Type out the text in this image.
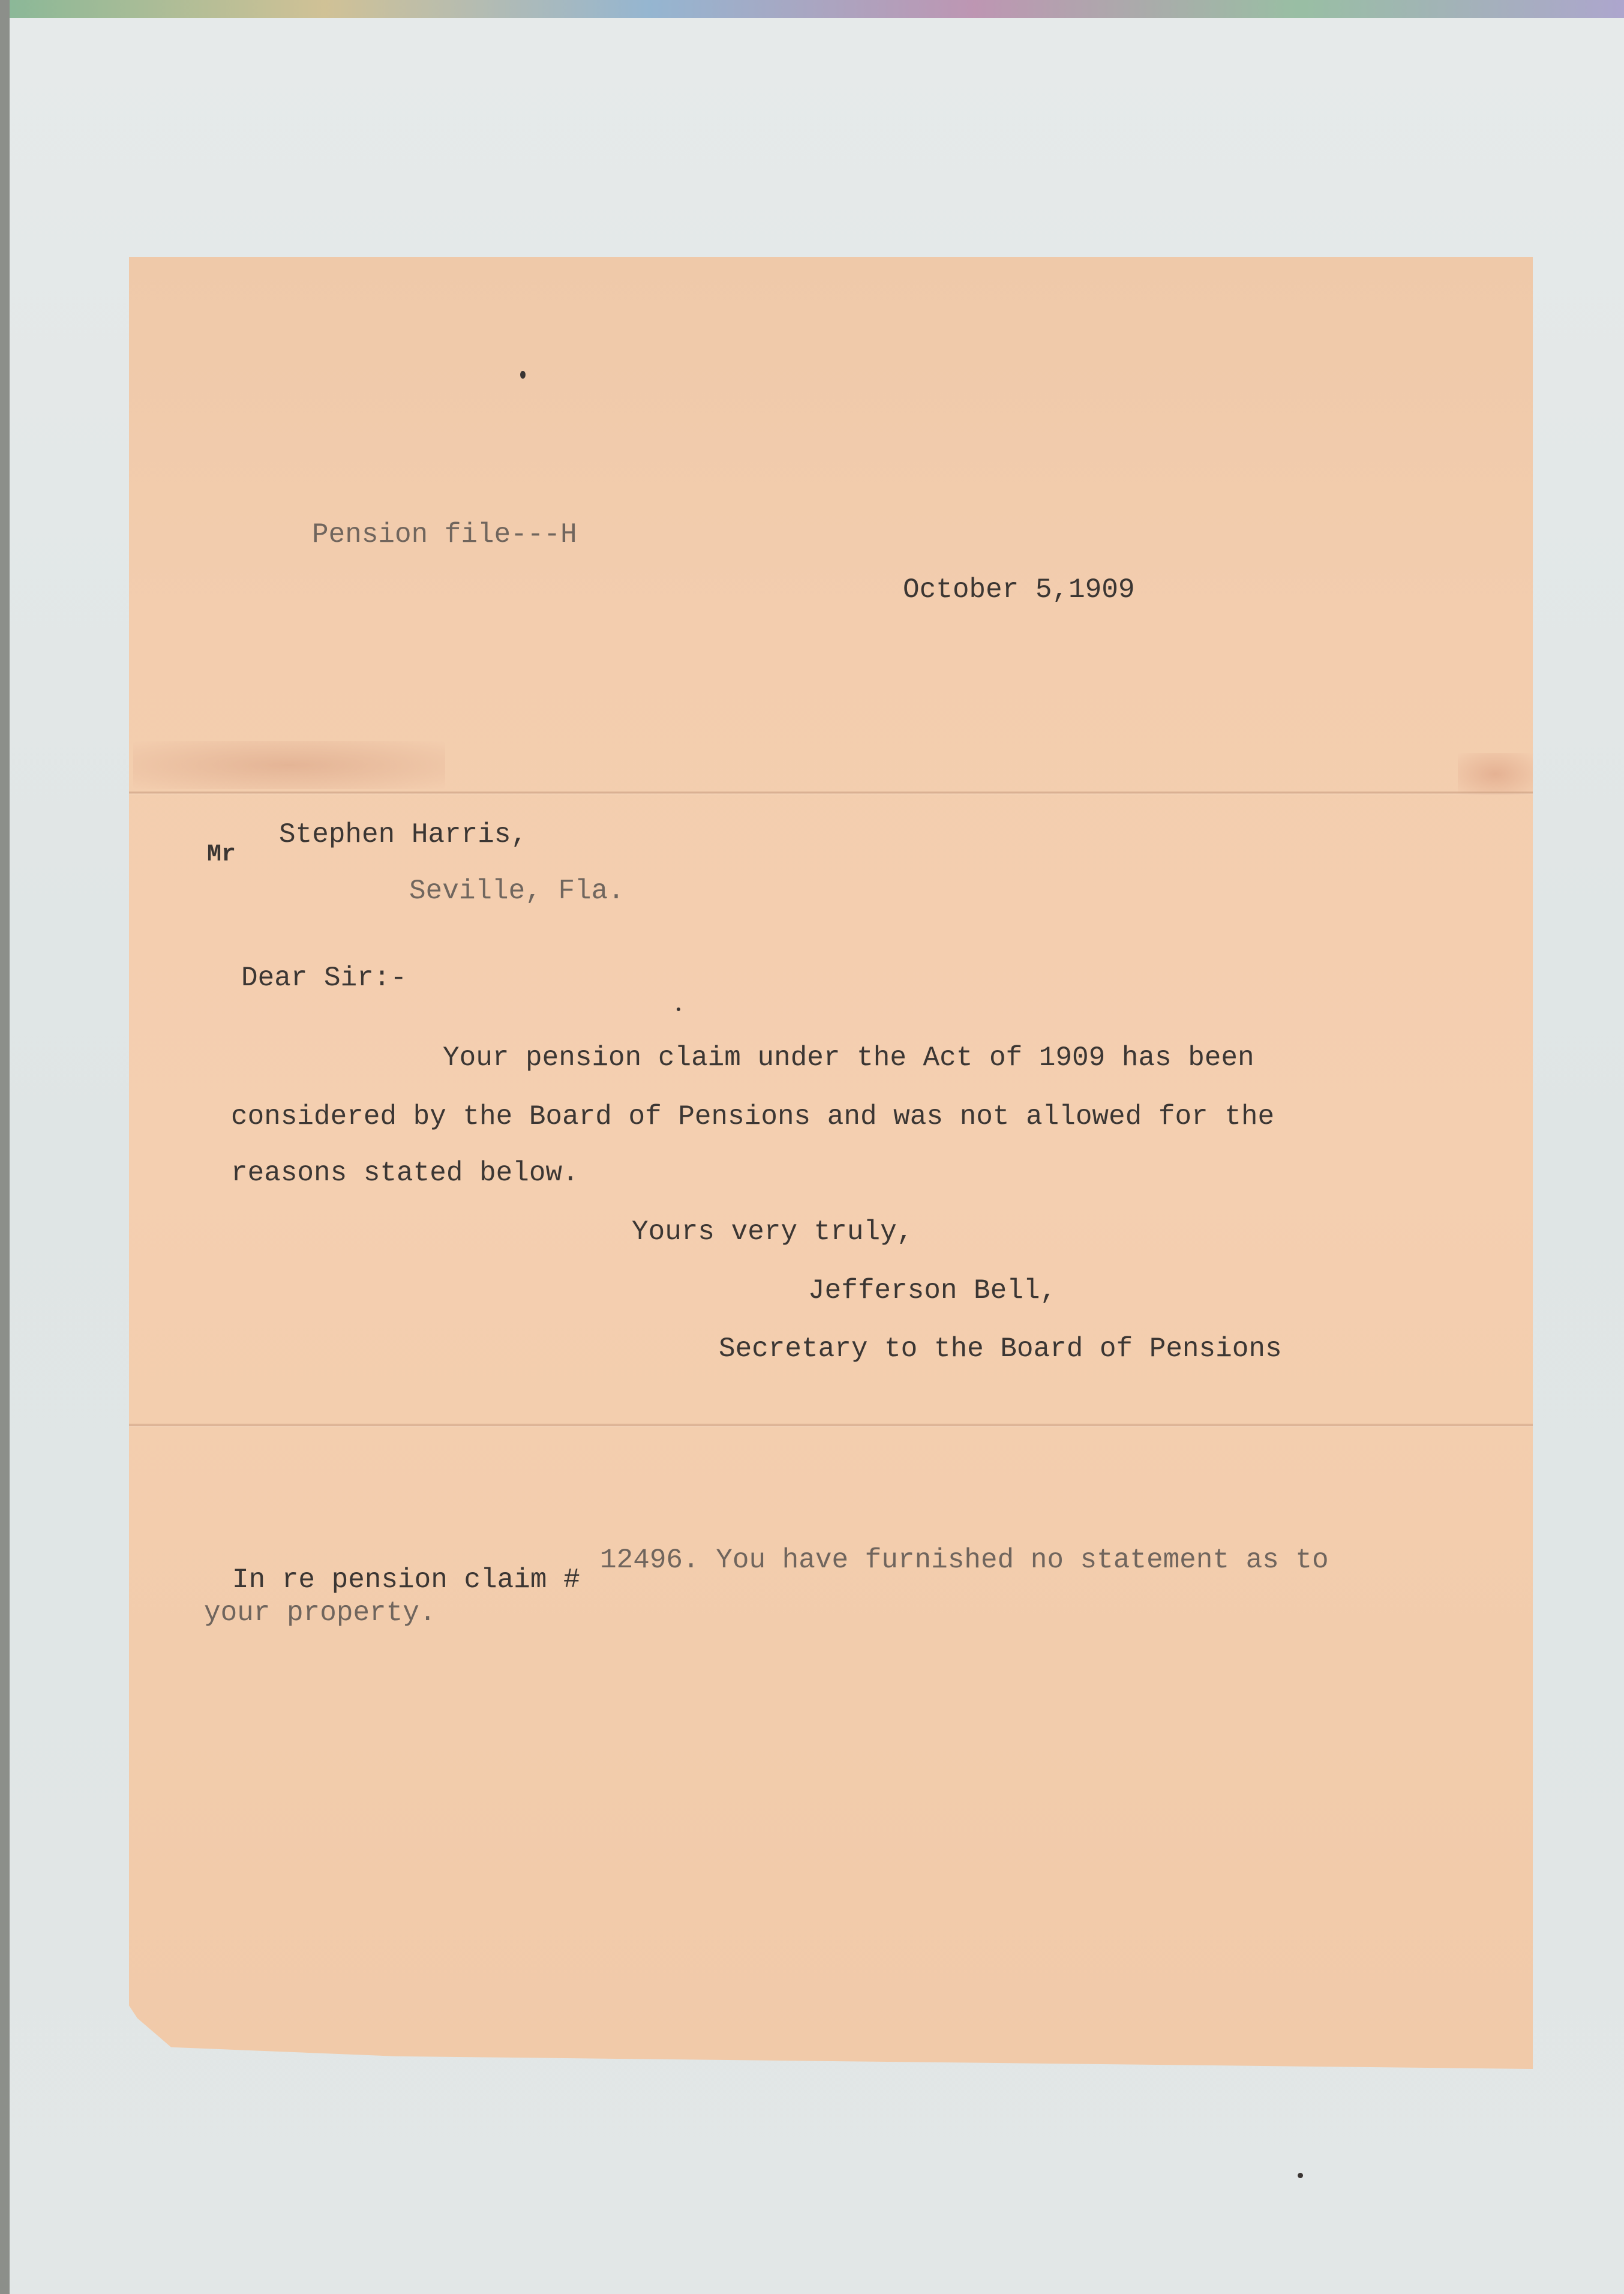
Pension file---H
October 5,1909
Mr
Stephen Harris,
Seville, Fla.
Dear Sir:-
Your pension claim under the Act of 1909 has been
considered by the Board of Pensions and was not allowed for the
reasons stated below.
Yours very truly,
Jefferson Bell,
Secretary to the Board of Pensions
In re pension claim #
12496. You have furnished no statement as to
your property.
